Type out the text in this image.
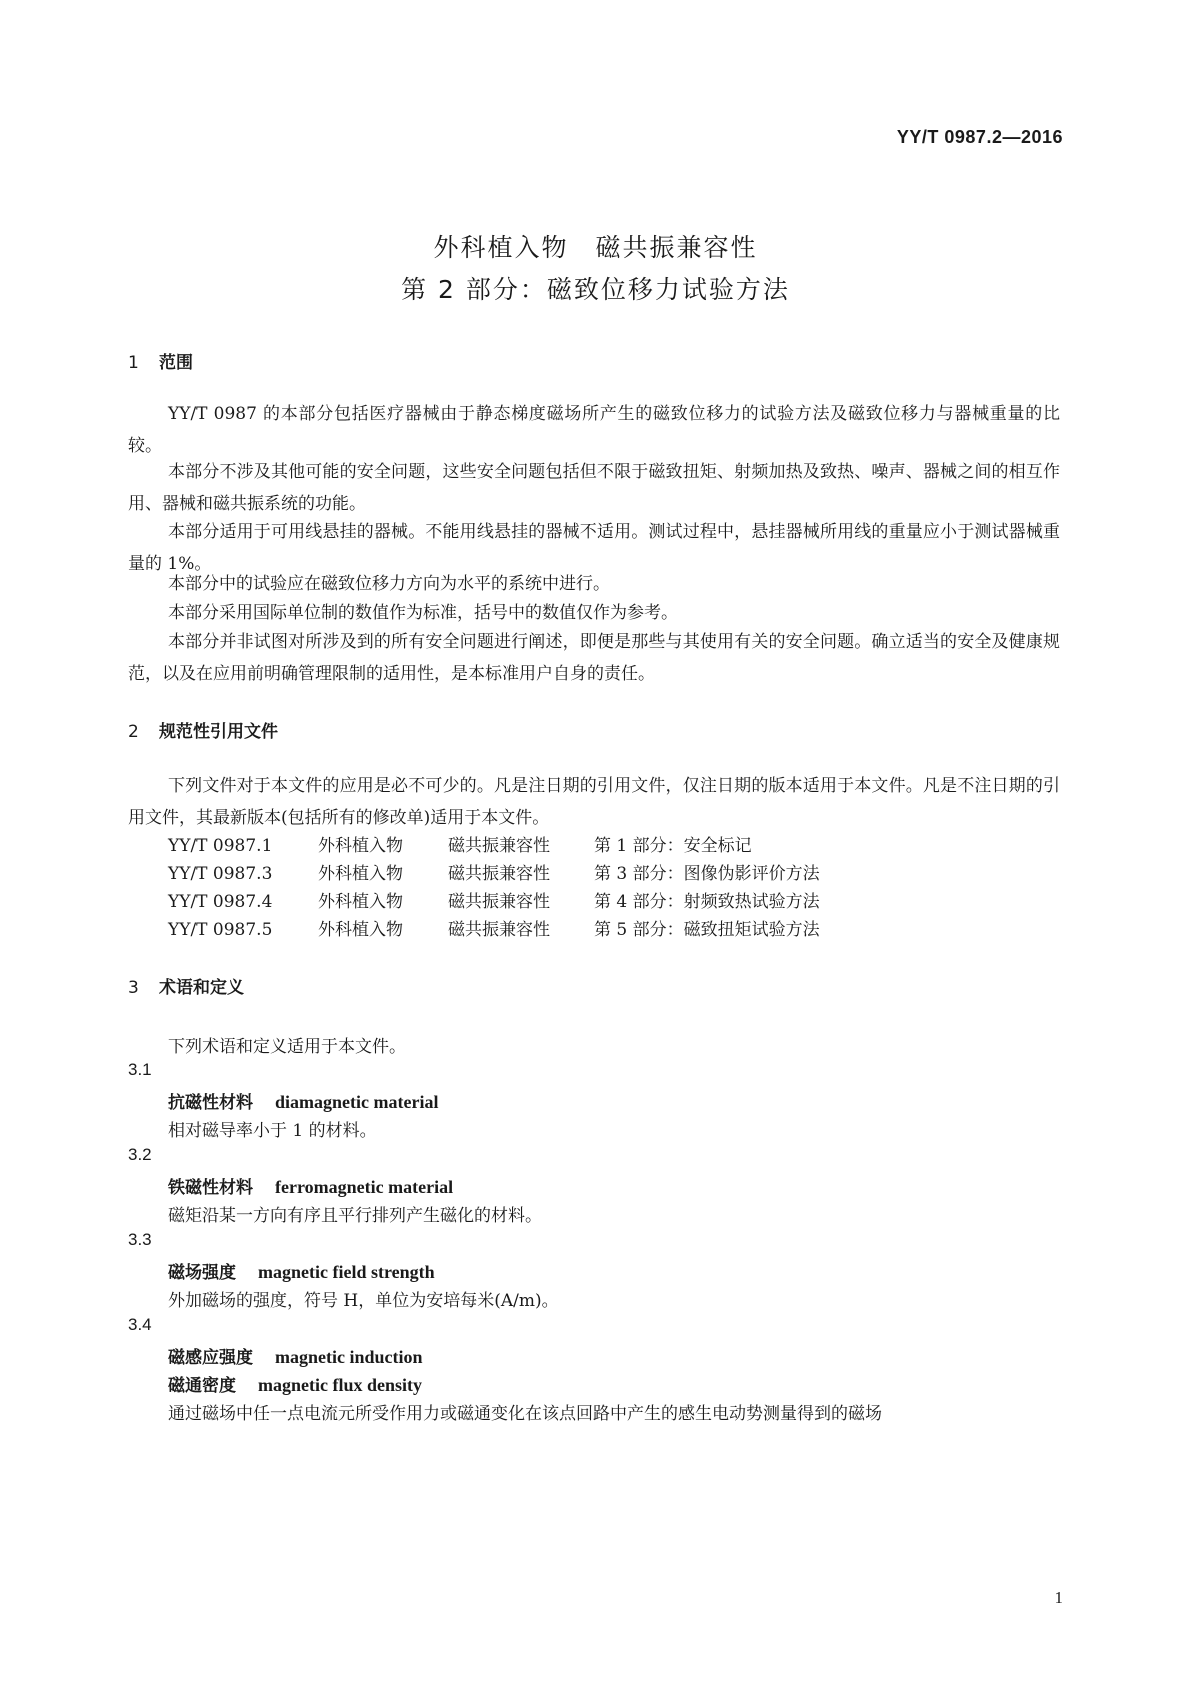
YY/T 0987.2—2016
外科植入物　磁共振兼容性
第 2 部分：磁致位移力试验方法
1 范围
YY/T 0987 的本部分包括医疗器械由于静态梯度磁场所产生的磁致位移力的试验方法及磁致位移力与器械重量的比较。
本部分不涉及其他可能的安全问题，这些安全问题包括但不限于磁致扭矩、射频加热及致热、噪声、器械之间的相互作用、器械和磁共振系统的功能。
本部分适用于可用线悬挂的器械。不能用线悬挂的器械不适用。测试过程中，悬挂器械所用线的重量应小于测试器械重量的 1%。
本部分中的试验应在磁致位移力方向为水平的系统中进行。
本部分采用国际单位制的数值作为标准，括号中的数值仅作为参考。
本部分并非试图对所涉及到的所有安全问题进行阐述，即便是那些与其使用有关的安全问题。确立适当的安全及健康规范，以及在应用前明确管理限制的适用性，是本标准用户自身的责任。
2 规范性引用文件
下列文件对于本文件的应用是必不可少的。凡是注日期的引用文件，仅注日期的版本适用于本文件。凡是不注日期的引用文件，其最新版本(包括所有的修改单)适用于本文件。
YY/T 0987.1	外科植入物	磁共振兼容性	第 1 部分：安全标记
YY/T 0987.3	外科植入物	磁共振兼容性	第 3 部分：图像伪影评价方法
YY/T 0987.4	外科植入物	磁共振兼容性	第 4 部分：射频致热试验方法
YY/T 0987.5	外科植入物	磁共振兼容性	第 5 部分：磁致扭矩试验方法
3 术语和定义
下列术语和定义适用于本文件。
3.1
抗磁性材料 diamagnetic material
相对磁导率小于 1 的材料。
3.2
铁磁性材料 ferromagnetic material
磁矩沿某一方向有序且平行排列产生磁化的材料。
3.3
磁场强度 magnetic field strength
外加磁场的强度，符号 H，单位为安培每米(A/m)。
3.4
磁感应强度 magnetic induction
磁通密度 magnetic flux density
通过磁场中任一点电流元所受作用力或磁通变化在该点回路中产生的感生电动势测量得到的磁场
1
